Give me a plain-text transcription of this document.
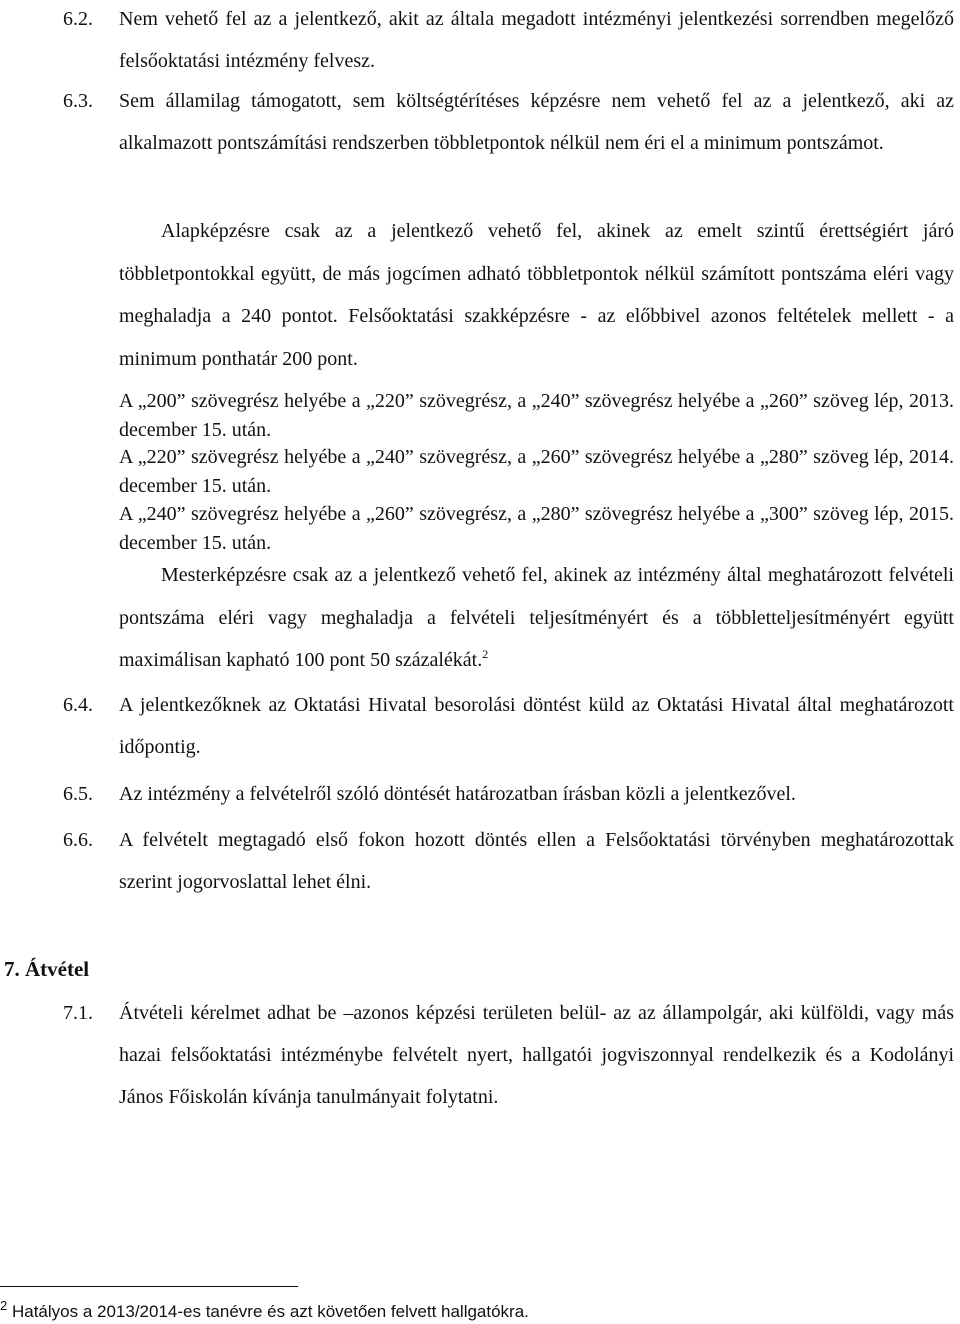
6.2. Nem vehető fel az a jelentkező, akit az általa megadott intézményi jelentkezési sorrendben megelőző felsőoktatási intézmény felvesz.

6.3. Sem államilag támogatott, sem költségtérítéses képzésre nem vehető fel az a jelentkező, aki az alkalmazott pontszámítási rendszerben többletpontok nélkül nem éri el a minimum pontszámot.

Alapképzésre csak az a jelentkező vehető fel, akinek az emelt szintű érettségiért járó többletpontokkal együtt, de más jogcímen adható többletpontok nélkül számított pontszáma eléri vagy meghaladja a 240 pontot. Felsőoktatási szakképzésre - az előbbivel azonos feltételek mellett - a minimum ponthatár 200 pont.

A „200” szövegrész helyébe a „220” szövegrész, a „240” szövegrész helyébe a „260” szöveg lép, 2013. december 15. után.

A „220” szövegrész helyébe a „240” szövegrész, a „260” szövegrész helyébe a „280” szöveg lép, 2014. december 15. után.

A „240” szövegrész helyébe a „260” szövegrész, a „280” szövegrész helyébe a „300” szöveg lép, 2015. december 15. után.

Mesterképzésre csak az a jelentkező vehető fel, akinek az intézmény által meghatározott felvételi pontszáma eléri vagy meghaladja a felvételi teljesítményért és a többletteljesítményért együtt maximálisan kapható 100 pont 50 százalékát.$^2$

6.4. A jelentkezőknek az Oktatási Hivatal besorolási döntést küld az Oktatási Hivatal által meghatározott időpontig.

6.5. Az intézmény a felvételről szóló döntését határozatban írásban közli a jelentkezővel.

6.6. A felvételt megtagadó első fokon hozott döntés ellen a Felsőoktatási törvényben meghatározottak szerint jogorvoslattal lehet élni.

7. Átvétel

7.1. Átvételi kérelmet adhat be –azonos képzési területen belül- az az állampolgár, aki külföldi, vagy más hazai felsőoktatási intézménybe felvételt nyert, hallgatói jogviszonnyal rendelkezik és a Kodolányi János Főiskolán kívánja tanulmányait folytatni.

$^2$ Hatályos a 2013/2014-es tanévre és azt követően felvett hallgatókra.
